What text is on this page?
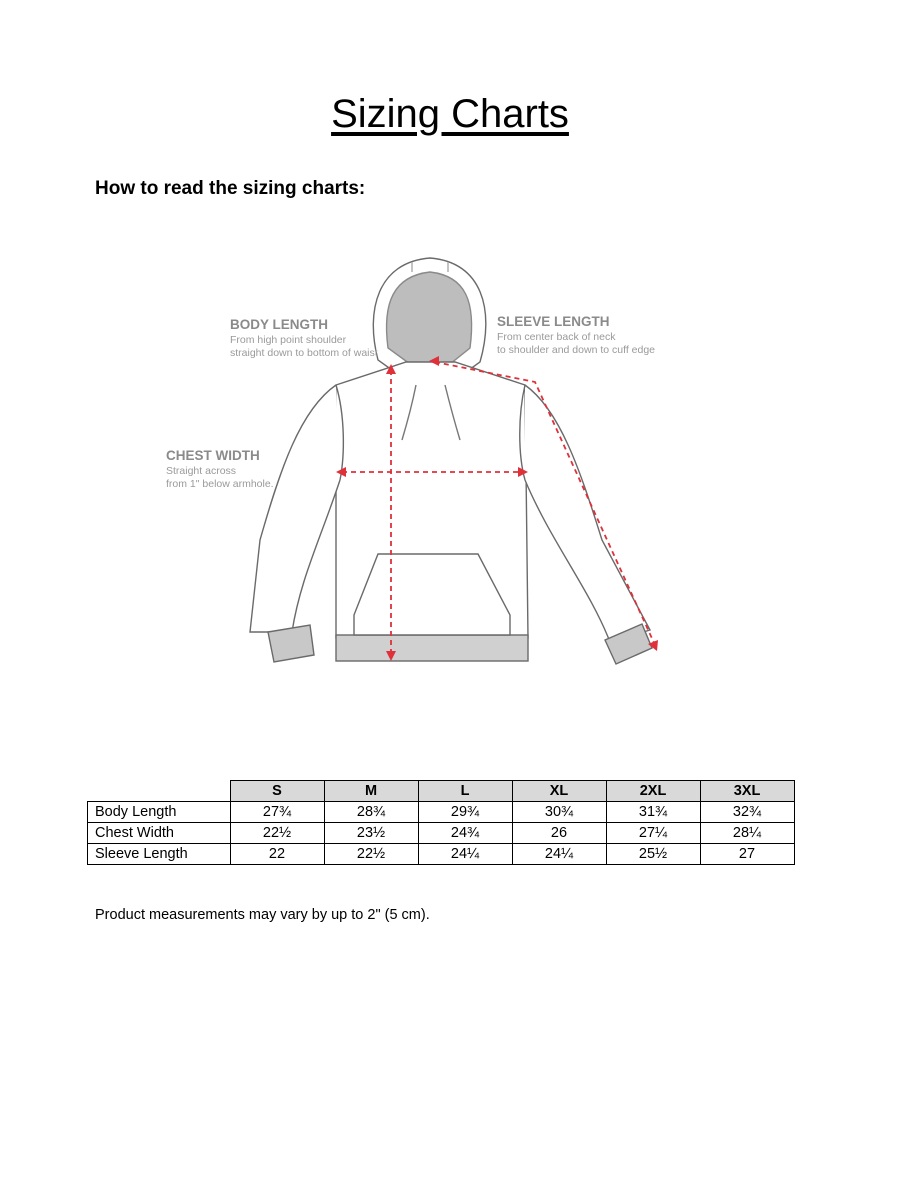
Sizing Charts
How to read the sizing charts:
BODY LENGTH
From high point shoulder
straight down to bottom of waist
SLEEVE LENGTH
From center back of neck
to shoulder and down to cuff edge
CHEST WIDTH
Straight across
from 1" below armhole.
	S	M	L	XL	2XL	3XL
Body Length	27¾	28¾	29¾	30¾	31¾	32¾
Chest Width	22½	23½	24¾	26	27¼	28¼
Sleeve Length	22	22½	24¼	24¼	25½	27
Product measurements may vary by up to 2" (5 cm).
